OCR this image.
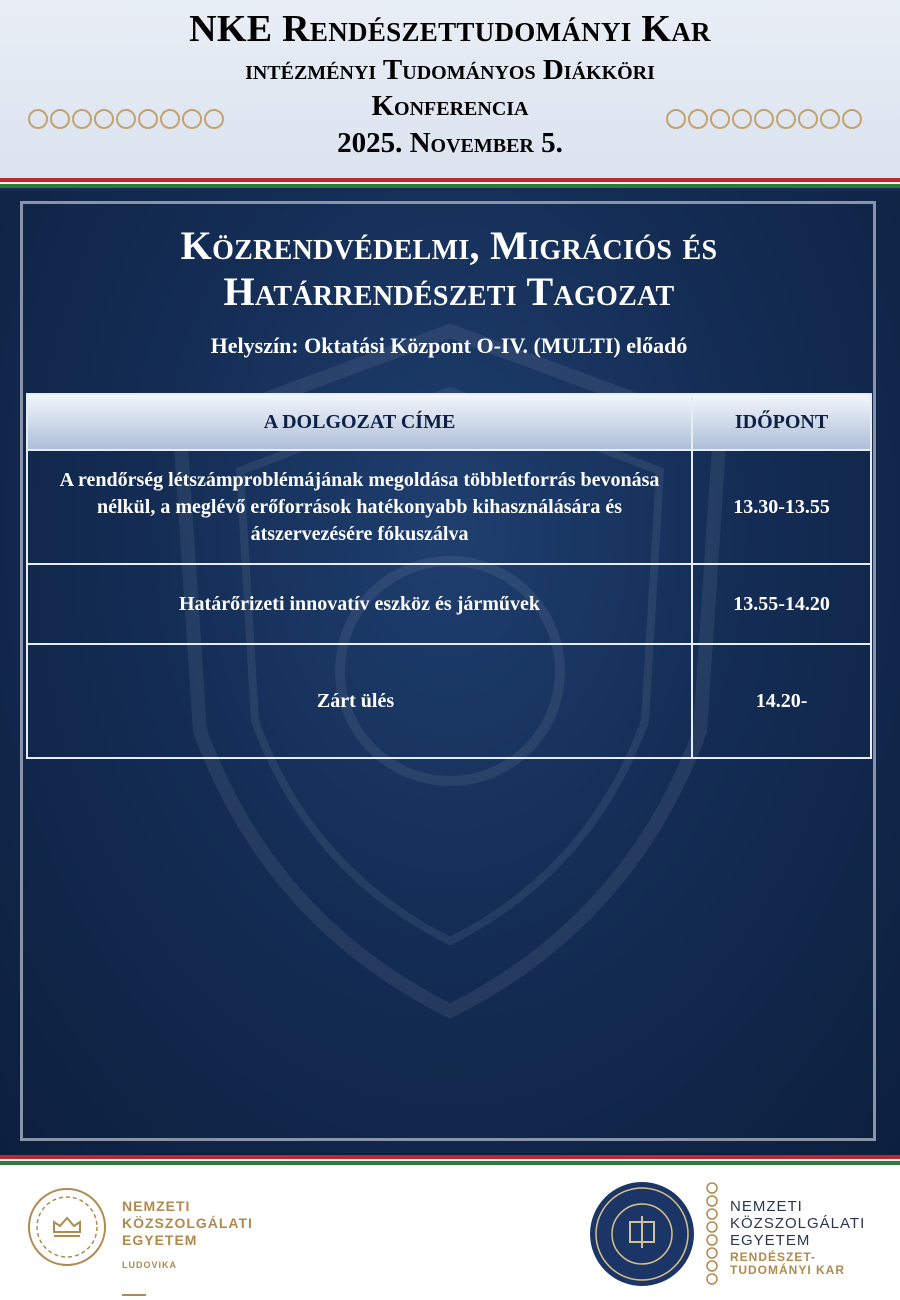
NKE Rendészettudományi Kar
intézményi Tudományos Diákköri
Konferencia
2025. November 5.
Közrendvédelmi, Migrációs és
Határrendészeti Tagozat
Helyszín: Oktatási Központ O-IV. (MULTI) előadó
A DOLGOZAT CÍME	IDŐPONT
A rendőrség létszámproblémájának megoldása többletforrás bevonása nélkül, a meglévő erőforrások hatékonyabb kihasználására és átszervezésére fókuszálva	13.30-13.55
Határőrizeti innovatív eszköz és járművek	13.55-14.20
Zárt ülés	14.20-
NEMZETI
KÖZSZOLGÁLATI
EGYETEM
LUDOVIKA
NEMZETI
KÖZSZOLGÁLATI
EGYETEM
RENDÉSZET-
TUDOMÁNYI KAR
